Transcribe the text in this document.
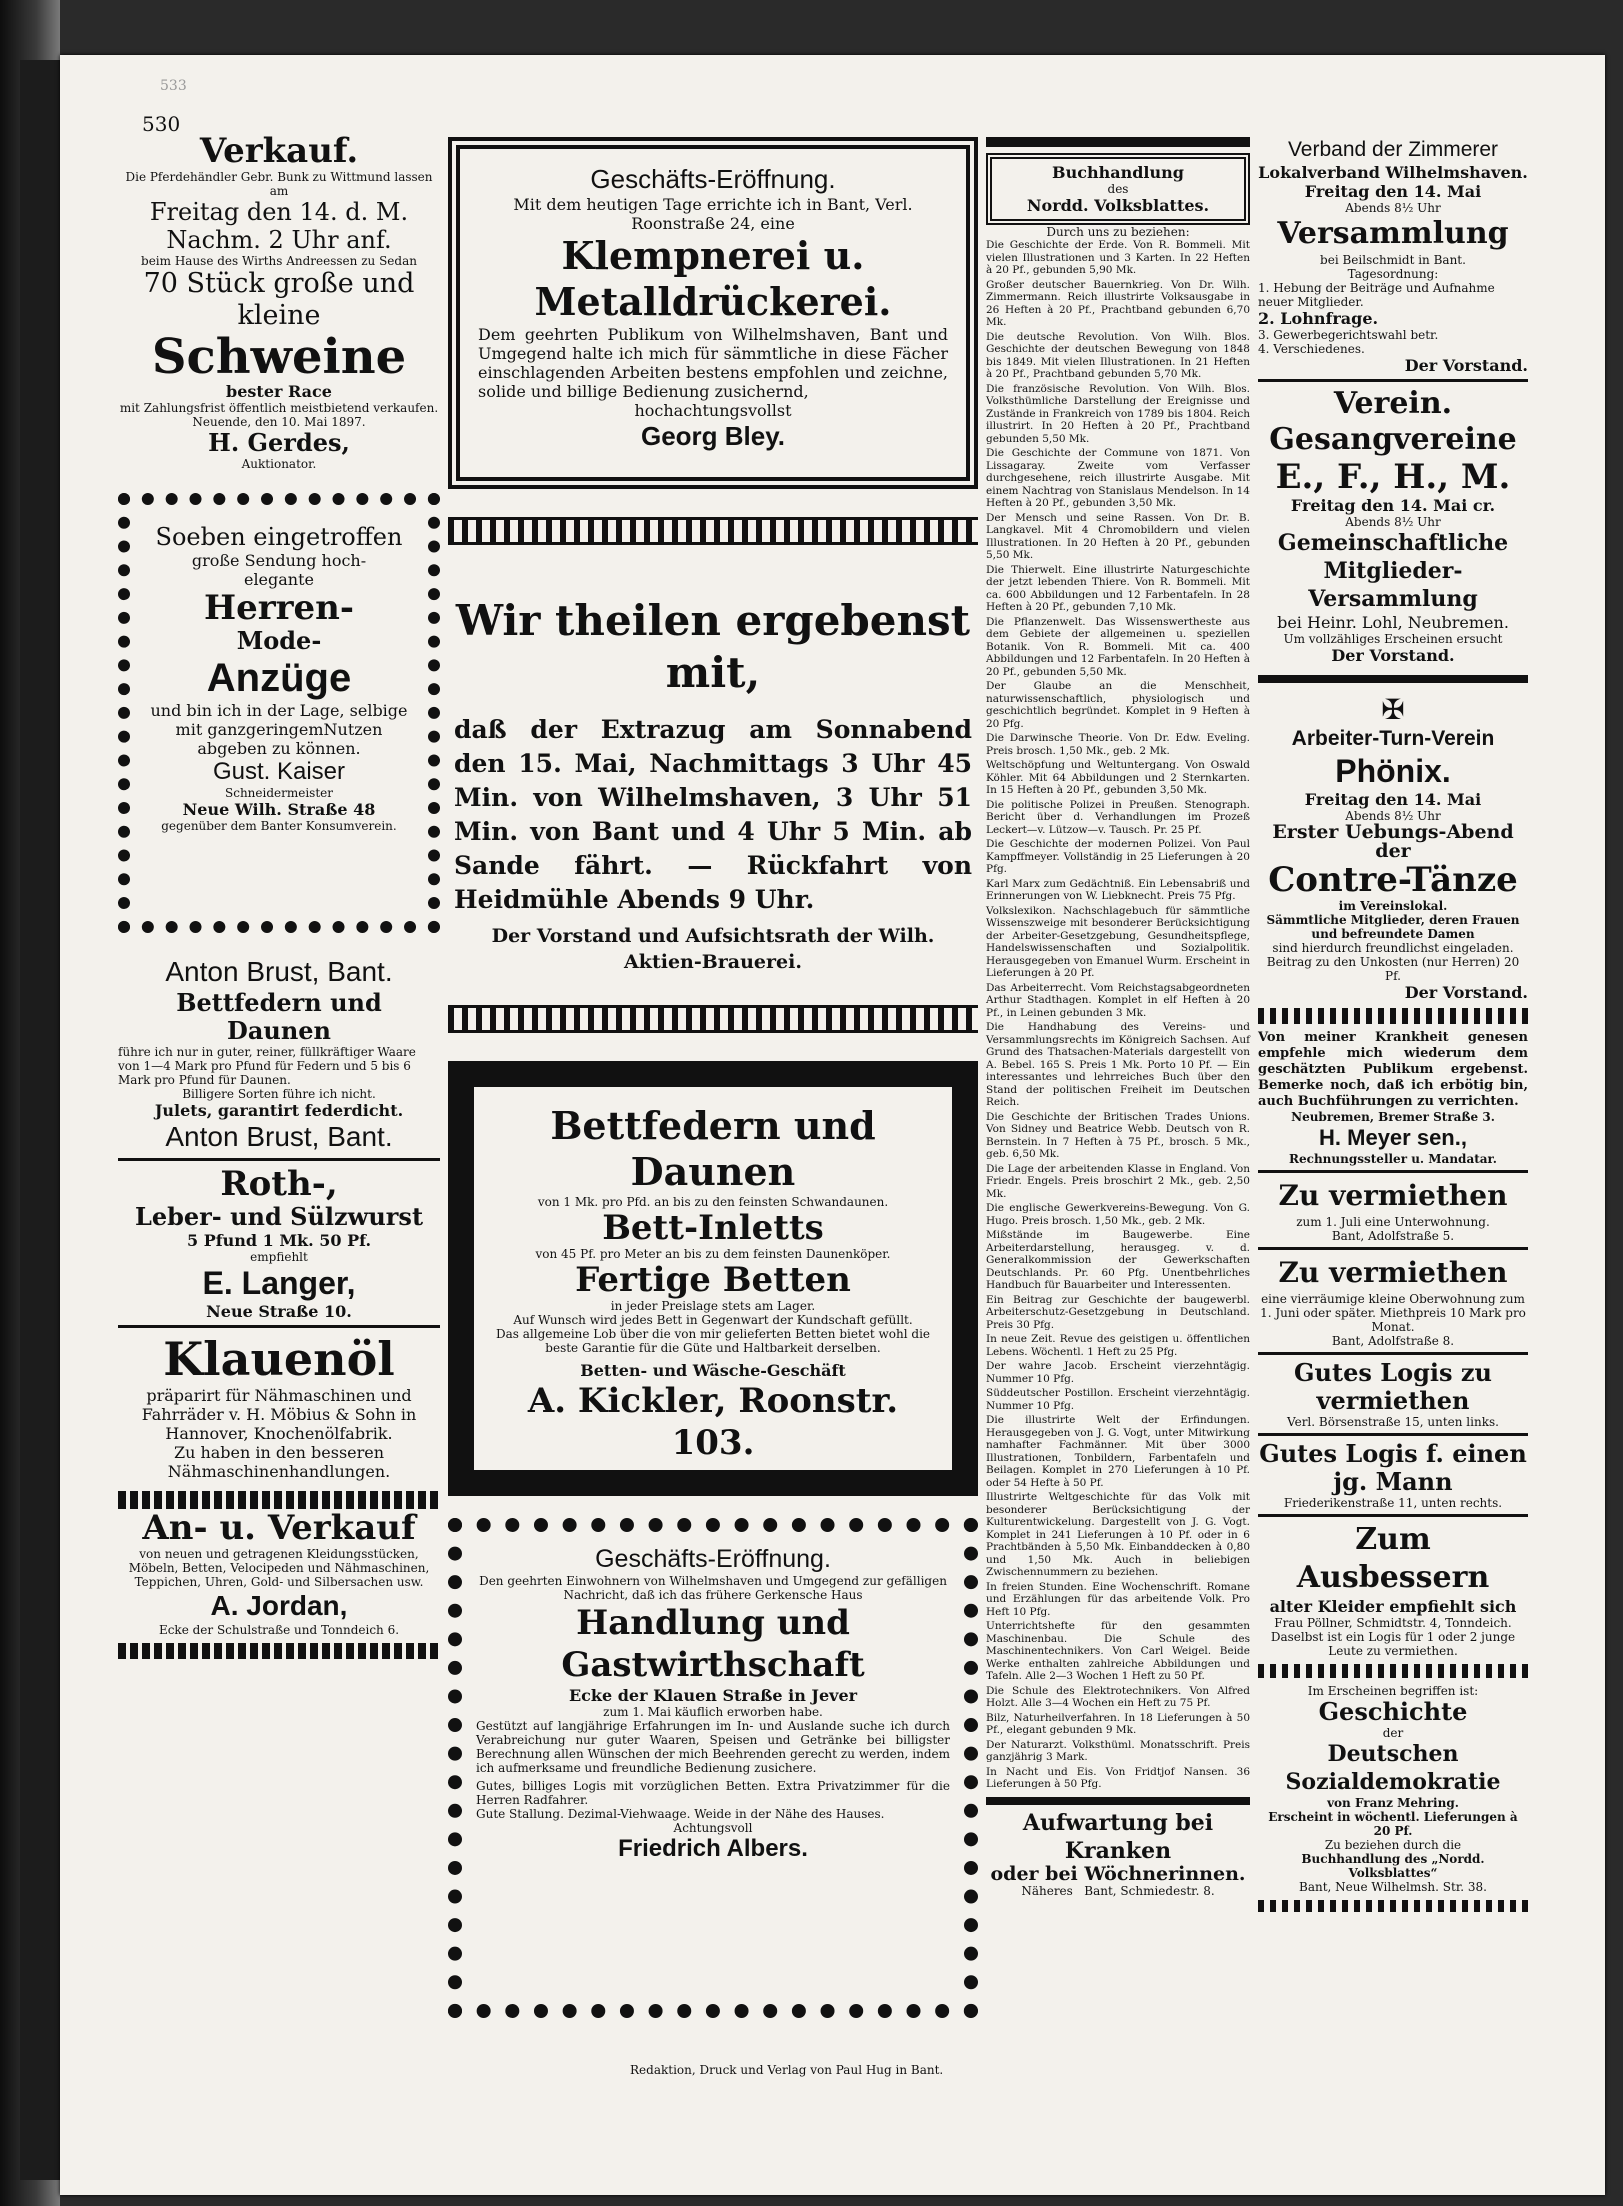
530
533
Verkauf.
Die Pferdehändler Gebr. Bunk zu Wittmund lassen am
Freitag den 14. d. M.
Nachm. 2 Uhr anf.
beim Hause des Wirths Andreessen zu Sedan
70 Stück große und kleine
Schweine
bester Race
mit Zahlungsfrist öffentlich meistbietend verkaufen.
Neuende, den 10. Mai 1897.
H. Gerdes,
Auktionator.
Soeben eingetroffen
große Sendung hoch-
elegante
Herren-
Mode-
Anzüge
und bin ich in der Lage, selbige mit ganzgeringemNutzen abgeben zu können.
Gust. Kaiser
Schneidermeister
Neue Wilh. Straße 48
gegenüber dem Banter Konsumverein.
Anton Brust, Bant.
Bettfedern und
Daunen
führe ich nur in guter, reiner, füllkräftiger Waare von 1—4 Mark pro Pfund für Federn und 5 bis 6 Mark pro Pfund für Daunen.
Billigere Sorten führe ich nicht.
Julets, garantirt federdicht.
Anton Brust, Bant.
Roth-,
Leber- und Sülzwurst
5 Pfund 1 Mk. 50 Pf.
empfiehlt
E. Langer,
Neue Straße 10.
Klauenöl
präparirt für Nähmaschinen und Fahrräder v. H. Möbius & Sohn in Hannover, Knochenölfabrik.
Zu haben in den besseren Nähmaschinenhandlungen.
An- u. Verkauf
von neuen und getragenen Kleidungsstücken, Möbeln, Betten, Velocipeden und Nähmaschinen, Teppichen, Uhren, Gold- und Silbersachen usw.
A. Jordan,
Ecke der Schulstraße und Tonndeich 6.
Geschäfts-Eröffnung.
Mit dem heutigen Tage errichte ich in Bant, Verl. Roonstraße 24, eine
Klempnerei u. Metalldrückerei.
Dem geehrten Publikum von Wilhelmshaven, Bant und Umgegend halte ich mich für sämmtliche in diese Fächer einschlagenden Arbeiten bestens empfohlen und zeichne, solide und billige Bedienung zusichernd,
hochachtungsvollst
Georg Bley.
Wir theilen ergebenst mit,
daß der Extrazug am Sonnabend den 15. Mai, Nachmittags 3 Uhr 45 Min. von Wilhelmshaven, 3 Uhr 51 Min. von Bant und 4 Uhr 5 Min. ab Sande fährt. — Rückfahrt von Heidmühle Abends 9 Uhr.
Der Vorstand und Aufsichtsrath der Wilh. Aktien-Brauerei.
Bettfedern und Daunen
von 1 Mk. pro Pfd. an bis zu den feinsten Schwandaunen.
Bett-Inletts
von 45 Pf. pro Meter an bis zu dem feinsten Daunenköper.
Fertige Betten
in jeder Preislage stets am Lager.
Auf Wunsch wird jedes Bett in Gegenwart der Kundschaft gefüllt.
Das allgemeine Lob über die von mir gelieferten Betten bietet wohl die beste Garantie für die Güte und Haltbarkeit derselben.
Betten- und Wäsche-Geschäft
A. Kickler, Roonstr. 103.
Geschäfts-Eröffnung.
Den geehrten Einwohnern von Wilhelmshaven und Umgegend zur gefälligen Nachricht, daß ich das frühere Gerkensche Haus
Handlung und Gastwirthschaft
Ecke der Klauen Straße in Jever
zum 1. Mai käuflich erworben habe.
Gestützt auf langjährige Erfahrungen im In- und Auslande suche ich durch Verabreichung nur guter Waaren, Speisen und Getränke bei billigster Berechnung allen Wünschen der mich Beehrenden gerecht zu werden, indem ich aufmerksame und freundliche Bedienung zusichere.
Gutes, billiges Logis mit vorzüglichen Betten. Extra Privatzimmer für die Herren Radfahrer.
Gute Stallung. Dezimal-Viehwaage. Weide in der Nähe des Hauses.
Achtungsvoll
Friedrich Albers.
Buchhandlung
des
Nordd. Volksblattes.
Durch uns zu beziehen:

Die Geschichte der Erde. Von R. Bommeli. Mit vielen Illustrationen und 3 Karten. In 22 Heften à 20 Pf., gebunden 5,90 Mk.

Großer deutscher Bauernkrieg. Von Dr. Wilh. Zimmermann. Reich illustrirte Volksausgabe in 26 Heften à 20 Pf., Prachtband gebunden 6,70 Mk.

Die deutsche Revolution. Von Wilh. Blos. Geschichte der deutschen Bewegung von 1848 bis 1849. Mit vielen Illustrationen. In 21 Heften à 20 Pf., Prachtband gebunden 5,70 Mk.

Die französische Revolution. Von Wilh. Blos. Volksthümliche Darstellung der Ereignisse und Zustände in Frankreich von 1789 bis 1804. Reich illustrirt. In 20 Heften à 20 Pf., Prachtband gebunden 5,50 Mk.

Die Geschichte der Commune von 1871. Von Lissagaray. Zweite vom Verfasser durchgesehene, reich illustrirte Ausgabe. Mit einem Nachtrag von Stanislaus Mendelson. In 14 Heften à 20 Pf., gebunden 3,50 Mk.

Der Mensch und seine Rassen. Von Dr. B. Langkavel. Mit 4 Chromobildern und vielen Illustrationen. In 20 Heften à 20 Pf., gebunden 5,50 Mk.

Die Thierwelt. Eine illustrirte Naturgeschichte der jetzt lebenden Thiere. Von R. Bommeli. Mit ca. 600 Abbildungen und 12 Farbentafeln. In 28 Heften à 20 Pf., gebunden 7,10 Mk.

Die Pflanzenwelt. Das Wissenswertheste aus dem Gebiete der allgemeinen u. speziellen Botanik. Von R. Bommeli. Mit ca. 400 Abbildungen und 12 Farbentafeln. In 20 Heften à 20 Pf., gebunden 5,50 Mk.

Der Glaube an die Menschheit, naturwissenschaftlich, physiologisch und geschichtlich begründet. Komplet in 9 Heften à 20 Pfg.

Die Darwinsche Theorie. Von Dr. Edw. Eveling. Preis brosch. 1,50 Mk., geb. 2 Mk.

Weltschöpfung und Weltuntergang. Von Oswald Köhler. Mit 64 Abbildungen und 2 Sternkarten. In 15 Heften à 20 Pf., gebunden 3,50 Mk.

Die politische Polizei in Preußen. Stenograph. Bericht über d. Verhandlungen im Prozeß Leckert—v. Lützow—v. Tausch. Pr. 25 Pf.

Die Geschichte der modernen Polizei. Von Paul Kampffmeyer. Vollständig in 25 Lieferungen à 20 Pfg.

Karl Marx zum Gedächtniß. Ein Lebensabriß und Erinnerungen von W. Liebknecht. Preis 75 Pfg.

Volkslexikon. Nachschlagebuch für sämmtliche Wissenszweige mit besonderer Berücksichtigung der Arbeiter-Gesetzgebung, Gesundheitspflege, Handelswissenschaften und Sozialpolitik. Herausgegeben von Emanuel Wurm. Erscheint in Lieferungen à 20 Pf.

Das Arbeiterrecht. Vom Reichstagsabgeordneten Arthur Stadthagen. Komplet in elf Heften à 20 Pf., in Leinen gebunden 3 Mk.

Die Handhabung des Vereins- und Versammlungsrechts im Königreich Sachsen. Auf Grund des Thatsachen-Materials dargestellt von A. Bebel. 165 S. Preis 1 Mk. Porto 10 Pf. — Ein interessantes und lehrreiches Buch über den Stand der politischen Freiheit im Deutschen Reich.

Die Geschichte der Britischen Trades Unions. Von Sidney und Beatrice Webb. Deutsch von R. Bernstein. In 7 Heften à 75 Pf., brosch. 5 Mk., geb. 6,50 Mk.

Die Lage der arbeitenden Klasse in England. Von Friedr. Engels. Preis broschirt 2 Mk., geb. 2,50 Mk.

Die englische Gewerkvereins-Bewegung. Von G. Hugo. Preis brosch. 1,50 Mk., geb. 2 Mk.

Mißstände im Baugewerbe. Eine Arbeiterdarstellung, herausgeg. v. d. Generalkommission der Gewerkschaften Deutschlands. Pr. 60 Pfg. Unentbehrliches Handbuch für Bauarbeiter und Interessenten.

Ein Beitrag zur Geschichte der baugewerbl. Arbeiterschutz-Gesetzgebung in Deutschland. Preis 30 Pfg.

In neue Zeit. Revue des geistigen u. öffentlichen Lebens. Wöchentl. 1 Heft zu 25 Pfg.

Der wahre Jacob. Erscheint vierzehntägig. Nummer 10 Pfg.

Süddeutscher Postillon. Erscheint vierzehntägig. Nummer 10 Pfg.

Die illustrirte Welt der Erfindungen. Herausgegeben von J. G. Vogt, unter Mitwirkung namhafter Fachmänner. Mit über 3000 Illustrationen, Tonbildern, Farbentafeln und Beilagen. Komplet in 270 Lieferungen à 10 Pf. oder 54 Hefte à 50 Pf.

Illustrirte Weltgeschichte für das Volk mit besonderer Berücksichtigung der Kulturentwickelung. Dargestellt von J. G. Vogt. Komplet in 241 Lieferungen à 10 Pf. oder in 6 Prachtbänden à 5,50 Mk. Einbanddecken à 0,80 und 1,50 Mk. Auch in beliebigen Zwischennummern zu beziehen.

In freien Stunden. Eine Wochenschrift. Romane und Erzählungen für das arbeitende Volk. Pro Heft 10 Pfg.

Unterrichtshefte für den gesammten Maschinenbau. Die Schule des Maschinentechnikers. Von Carl Weigel. Beide Werke enthalten zahlreiche Abbildungen und Tafeln. Alle 2—3 Wochen 1 Heft zu 50 Pf.

Die Schule des Elektrotechnikers. Von Alfred Holzt. Alle 3—4 Wochen ein Heft zu 75 Pf.

Bilz, Naturheilverfahren. In 18 Lieferungen à 50 Pf., elegant gebunden 9 Mk.

Der Naturarzt. Volksthüml. Monatsschrift. Preis ganzjährig 3 Mark.

In Nacht und Eis. Von Fridtjof Nansen. 36 Lieferungen à 50 Pfg.

Aufwartung bei Kranken
oder bei Wöchnerinnen.
Näheres Bant, Schmiedestr. 8.
Verband der Zimmerer
Lokalverband Wilhelmshaven.
Freitag den 14. Mai
Abends 8½ Uhr
Versammlung
bei Beilschmidt in Bant.
Tagesordnung:
1. Hebung der Beiträge und Aufnahme neuer Mitglieder.
2. Lohnfrage.
3. Gewerbegerichtswahl betr.
4. Verschiedenes.
Der Vorstand.
Verein. Gesangvereine
E., F., H., M.
Freitag den 14. Mai cr.
Abends 8½ Uhr
Gemeinschaftliche Mitglieder-
Versammlung
bei Heinr. Lohl, Neubremen.
Um vollzähliges Erscheinen ersucht
Der Vorstand.
✠
Arbeiter-Turn-Verein
Phönix.
Freitag den 14. Mai
Abends 8½ Uhr
Erster Uebungs-Abend der
Contre-Tänze
im Vereinslokal.
Sämmtliche Mitglieder, deren Frauen und befreundete Damen
sind hierdurch freundlichst eingeladen.
Beitrag zu den Unkosten (nur Herren) 20 Pf.
Der Vorstand.
Von meiner Krankheit genesen empfehle mich wiederum dem geschätzten Publikum ergebenst. Bemerke noch, daß ich erbötig bin, auch Buchführungen zu verrichten.
Neubremen, Bremer Straße 3.
H. Meyer sen.,
Rechnungssteller u. Mandatar.
Zu vermiethen
zum 1. Juli eine Unterwohnung.
Bant, Adolfstraße 5.
Zu vermiethen
eine vierräumige kleine Oberwohnung zum 1. Juni oder später. Miethpreis 10 Mark pro Monat.
Bant, Adolfstraße 8.
Gutes Logis zu vermiethen
Verl. Börsenstraße 15, unten links.
Gutes Logis f. einen jg. Mann
Friederikenstraße 11, unten rechts.
Zum Ausbessern
alter Kleider empfiehlt sich
Frau Pöllner, Schmidtstr. 4, Tonndeich.
Daselbst ist ein Logis für 1 oder 2 junge Leute zu vermiethen.
Im Erscheinen begriffen ist:
Geschichte
der
Deutschen Sozialdemokratie
von Franz Mehring.
Erscheint in wöchentl. Lieferungen à 20 Pf.
Zu beziehen durch die
Buchhandlung des „Nordd. Volksblattes“
Bant, Neue Wilhelmsh. Str. 38.
Redaktion, Druck und Verlag von Paul Hug in Bant.
